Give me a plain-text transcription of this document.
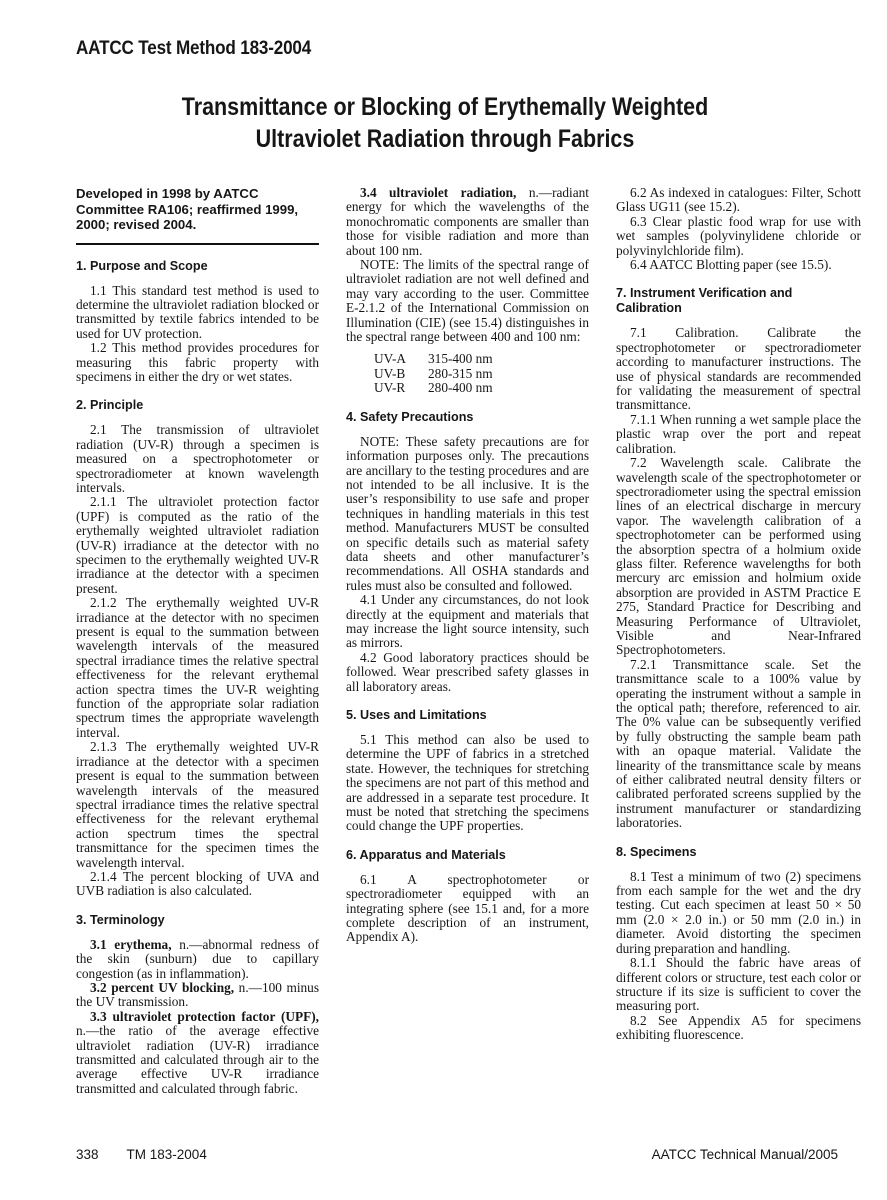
AATCC Test Method 183-2004
Transmittance or Blocking of Erythemally Weighted
Ultraviolet Radiation through Fabrics
Developed in 1998 by AATCC Committee RA106; reaffirmed 1999, 2000; revised 2004.
1. Purpose and Scope

1.1 This standard test method is used to determine the ultraviolet radiation blocked or transmitted by textile fabrics intended to be used for UV protection.

1.2 This method provides procedures for measuring this fabric property with specimens in either the dry or wet states.

2. Principle

2.1 The transmission of ultraviolet radiation (UV-R) through a specimen is measured on a spectrophotometer or spectroradiometer at known wavelength intervals.

2.1.1 The ultraviolet protection factor (UPF) is computed as the ratio of the erythemally weighted ultraviolet radiation (UV-R) irradiance at the detector with no specimen to the erythemally weighted UV-R irradiance at the detector with a specimen present.

2.1.2 The erythemally weighted UV-R irradiance at the detector with no specimen present is equal to the summation between wavelength intervals of the measured spectral irradiance times the relative spectral effectiveness for the relevant erythemal action spectra times the UV-R weighting function of the appropriate solar radiation spectrum times the appropriate wavelength interval.

2.1.3 The erythemally weighted UV-R irradiance at the detector with a specimen present is equal to the summation between wavelength intervals of the measured spectral irradiance times the relative spectral effectiveness for the relevant erythemal action spectrum times the spectral transmittance for the specimen times the wavelength interval.

2.1.4 The percent blocking of UVA and UVB radiation is also calculated.

3. Terminology

3.1 erythema, n.—abnormal redness of the skin (sunburn) due to capillary congestion (as in inflammation).

3.2 percent UV blocking, n.—100 minus the UV transmission.

3.3 ultraviolet protection factor (UPF), n.—the ratio of the average effective ultraviolet radiation (UV-R) irradiance transmitted and calculated through air to the average effective UV-R irradiance transmitted and calculated through fabric.

3.4 ultraviolet radiation, n.—radiant energy for which the wavelengths of the monochromatic components are smaller than those for visible radiation and more than about 100 nm.

NOTE: The limits of the spectral range of ultraviolet radiation are not well defined and may vary according to the user. Committee E-2.1.2 of the International Commission on Illumination (CIE) (see 15.4) distinguishes in the spectral range between 400 and 100 nm:

UV-A	315-400 nm
UV-B	280-315 nm
UV-R	280-400 nm
4. Safety Precautions

NOTE: These safety precautions are for information purposes only. The precautions are ancillary to the testing procedures and are not intended to be all inclusive. It is the user’s responsibility to use safe and proper techniques in handling materials in this test method. Manufacturers MUST be consulted on specific details such as material safety data sheets and other manufacturer’s recommendations. All OSHA standards and rules must also be consulted and followed.

4.1 Under any circumstances, do not look directly at the equipment and materials that may increase the light source intensity, such as mirrors.

4.2 Good laboratory practices should be followed. Wear prescribed safety glasses in all laboratory areas.

5. Uses and Limitations

5.1 This method can also be used to determine the UPF of fabrics in a stretched state. However, the techniques for stretching the specimens are not part of this method and are addressed in a separate test procedure. It must be noted that stretching the specimens could change the UPF properties.

6. Apparatus and Materials

6.1 A spectrophotometer or spectroradiometer equipped with an integrating sphere (see 15.1 and, for a more complete description of an instrument, Appendix A).

6.2 As indexed in catalogues: Filter, Schott Glass UG11 (see 15.2).

6.3 Clear plastic food wrap for use with wet samples (polyvinylidene chloride or polyvinylchloride film).

6.4 AATCC Blotting paper (see 15.5).

7. Instrument Verification and Calibration

7.1 Calibration. Calibrate the spectrophotometer or spectroradiometer according to manufacturer instructions. The use of physical standards are recommended for validating the measurement of spectral transmittance.

7.1.1 When running a wet sample place the plastic wrap over the port and repeat calibration.

7.2 Wavelength scale. Calibrate the wavelength scale of the spectrophotometer or spectroradiometer using the spectral emission lines of an electrical discharge in mercury vapor. The wavelength calibration of a spectrophotometer can be performed using the absorption spectra of a holmium oxide glass filter. Reference wavelengths for both mercury arc emission and holmium oxide absorption are provided in ASTM Practice E 275, Standard Practice for Describing and Measuring Performance of Ultraviolet, Visible and Near-Infrared Spectrophotometers.

7.2.1 Transmittance scale. Set the transmittance scale to a 100% value by operating the instrument without a sample in the optical path; therefore, referenced to air. The 0% value can be subsequently verified by fully obstructing the sample beam path with an opaque material. Validate the linearity of the transmittance scale by means of either calibrated neutral density filters or calibrated perforated screens supplied by the instrument manufacturer or standardizing laboratories.

8. Specimens

8.1 Test a minimum of two (2) specimens from each sample for the wet and the dry testing. Cut each specimen at least 50 × 50 mm (2.0 × 2.0 in.) or 50 mm (2.0 in.) in diameter. Avoid distorting the specimen during preparation and handling.

8.1.1 Should the fabric have areas of different colors or structure, test each color or structure if its size is sufficient to cover the measuring port.

8.2 See Appendix A5 for specimens exhibiting fluorescence.

338 TM 183-2004	AATCC Technical Manual/2005
